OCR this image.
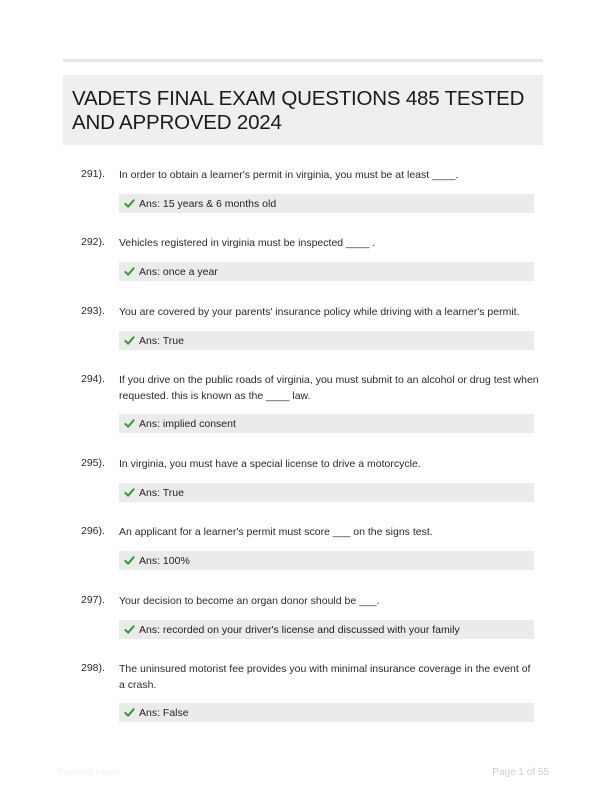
VADETS FINAL EXAM QUESTIONS 485 TESTED AND APPROVED 2024
291). In order to obtain a learner's permit in virginia, you must be at least ____.
Ans: 15 years & 6 months old
292). Vehicles registered in virginia must be inspected ____ .
Ans: once a year
293). You are covered by your parents' insurance policy while driving with a learner's permit.
Ans: True
294). If you drive on the public roads of virginia, you must submit to an alcohol or drug test when requested. this is known as the ____ law.
Ans: implied consent
295). In virginia, you must have a special license to drive a motorcycle.
Ans: True
296). An applicant for a learner's permit must score ___ on the signs test.
Ans: 100%
297). Your decision to become an organ donor should be ___.
Ans: recorded on your driver's license and discussed with your family
298). The uninsured motorist fee provides you with minimal insurance coverage in the event of a crash.
Ans: False
PaperNibs.com	Page 1 of 55
